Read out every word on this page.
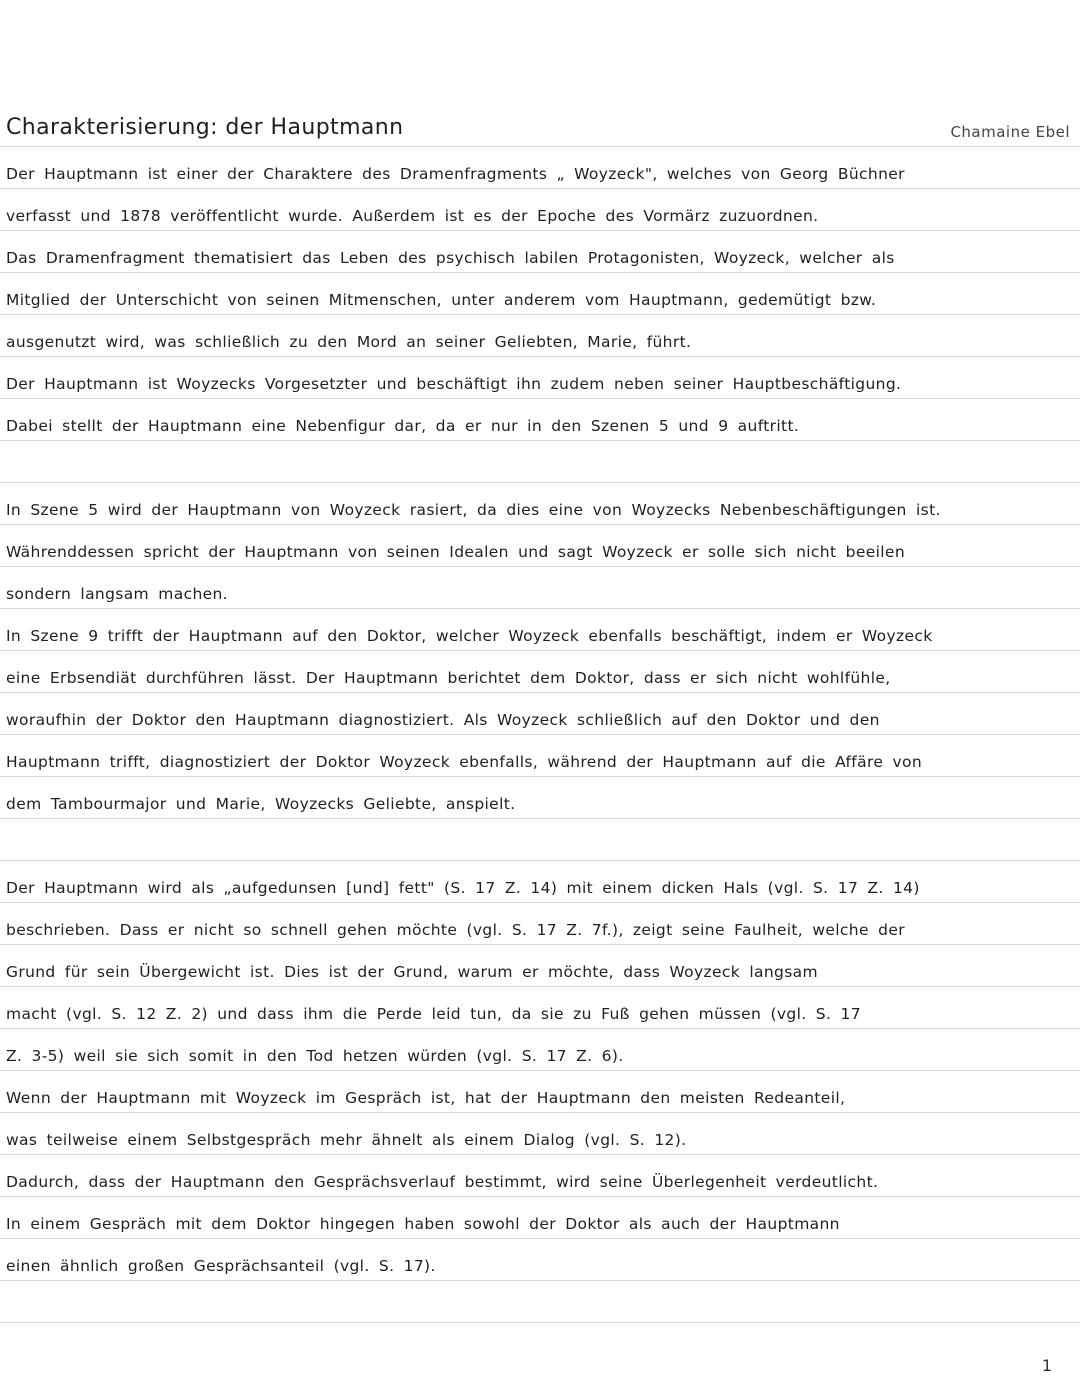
Charakterisierung: der Hauptmann	Chamaine Ebel
Der Hauptmann ist einer der Charaktere des Dramenfragments „ Woyzeck", welches von Georg Büchner
verfasst und 1878 veröffentlicht wurde. Außerdem ist es der Epoche des Vormärz zuzuordnen.
Das Dramenfragment thematisiert das Leben des psychisch labilen Protagonisten, Woyzeck, welcher als
Mitglied der Unterschicht von seinen Mitmenschen, unter anderem vom Hauptmann, gedemütigt bzw.
ausgenutzt wird, was schließlich zu den Mord an seiner Geliebten, Marie, führt.
Der Hauptmann ist Woyzecks Vorgesetzter und beschäftigt ihn zudem neben seiner Hauptbeschäftigung.
Dabei stellt der Hauptmann eine Nebenfigur dar, da er nur in den Szenen 5 und 9 auftritt.
In Szene 5 wird der Hauptmann von Woyzeck rasiert, da dies eine von Woyzecks Nebenbeschäftigungen ist.
Währenddessen spricht der Hauptmann von seinen Idealen und sagt Woyzeck er solle sich nicht beeilen
sondern langsam machen.
In Szene 9 trifft der Hauptmann auf den Doktor, welcher Woyzeck ebenfalls beschäftigt, indem er Woyzeck
eine Erbsendiät durchführen lässt. Der Hauptmann berichtet dem Doktor, dass er sich nicht wohlfühle,
woraufhin der Doktor den Hauptmann diagnostiziert. Als Woyzeck schließlich auf den Doktor und den
Hauptmann trifft, diagnostiziert der Doktor Woyzeck ebenfalls, während der Hauptmann auf die Affäre von
dem Tambourmajor und Marie, Woyzecks Geliebte, anspielt.
Der Hauptmann wird als „aufgedunsen [und] fett" (S. 17 Z. 14) mit einem dicken Hals (vgl. S. 17 Z. 14)
beschrieben. Dass er nicht so schnell gehen möchte (vgl. S. 17 Z. 7f.), zeigt seine Faulheit, welche der
Grund für sein Übergewicht ist. Dies ist der Grund, warum er möchte, dass Woyzeck langsam
macht (vgl. S. 12 Z. 2) und dass ihm die Perde leid tun, da sie zu Fuß gehen müssen (vgl. S. 17
Z. 3-5) weil sie sich somit in den Tod hetzen würden (vgl. S. 17 Z. 6).
Wenn der Hauptmann mit Woyzeck im Gespräch ist, hat der Hauptmann den meisten Redeanteil,
was teilweise einem Selbstgespräch mehr ähnelt als einem Dialog (vgl. S. 12).
Dadurch, dass der Hauptmann den Gesprächsverlauf bestimmt, wird seine Überlegenheit verdeutlicht.
In einem Gespräch mit dem Doktor hingegen haben sowohl der Doktor als auch der Hauptmann
einen ähnlich großen Gesprächsanteil (vgl. S. 17).
1
